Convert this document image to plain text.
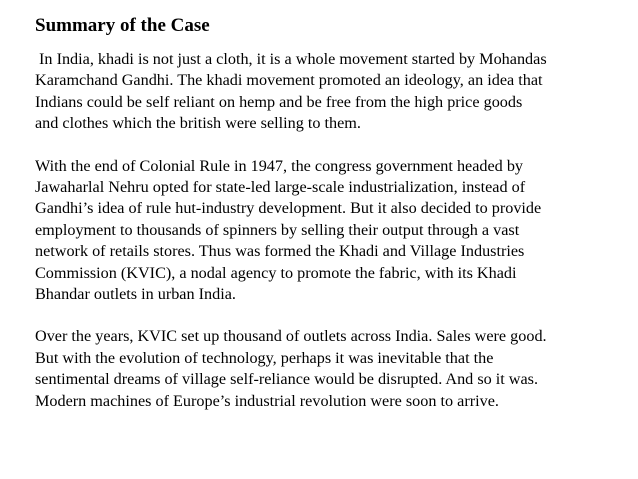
Summary of the Case
In India, khadi is not just a cloth, it is a whole movement started by Mohandas
Karamchand Gandhi. The khadi movement promoted an ideology, an idea that
Indians could be self reliant on hemp and be free from the high price goods
and clothes which the british were selling to them.
With the end of Colonial Rule in 1947, the congress government headed by
Jawaharlal Nehru opted for state-led large-scale industrialization, instead of
Gandhi’s idea of rule hut-industry development. But it also decided to provide
employment to thousands of spinners by selling their output through a vast
network of retails stores. Thus was formed the Khadi and Village Industries
Commission (KVIC), a nodal agency to promote the fabric, with its Khadi
Bhandar outlets in urban India.
Over the years, KVIC set up thousand of outlets across India. Sales were good.
But with the evolution of technology, perhaps it was inevitable that the
sentimental dreams of village self-reliance would be disrupted. And so it was.
Modern machines of Europe’s industrial revolution were soon to arrive.
